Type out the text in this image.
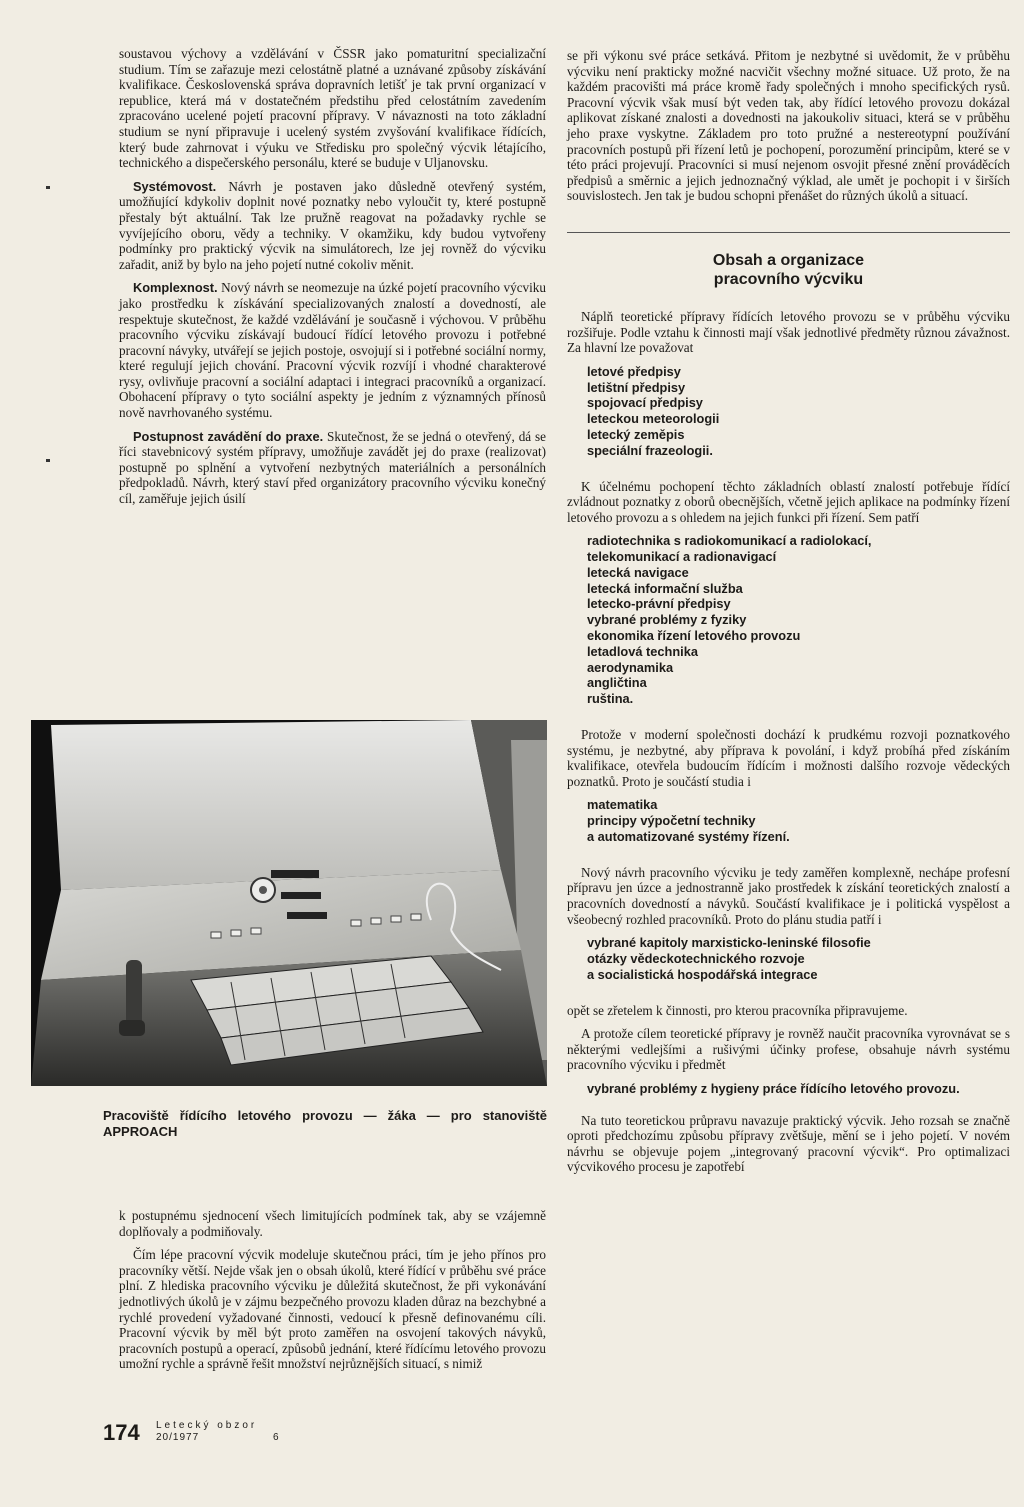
soustavou výchovy a vzdělávání v ČSSR jako pomaturitní specializační studium. Tím se zařazuje mezi celostátně platné a uznávané způsoby získávání kvalifikace. Československá správa dopravních letišť je tak první organizací v republice, která má v dostatečném předstihu před celostátním zavedením zpracováno ucelené pojetí pracovní přípravy. V návaznosti na toto základní studium se nyní připravuje i ucelený systém zvyšování kvalifikace řídících, který bude zahrnovat i výuku ve Středisku pro společný výcvik létajícího, technického a dispečerského personálu, které se buduje v Uljanovsku.

Systémovost. Návrh je postaven jako důsledně otevřený systém, umožňující kdykoliv doplnit nové poznatky nebo vyloučit ty, které postupně přestaly být aktuální. Tak lze pružně reagovat na požadavky rychle se vyvíjejícího oboru, vědy a techniky. V okamžiku, kdy budou vytvořeny podmínky pro praktický výcvik na simulátorech, lze jej rovněž do výcviku zařadit, aniž by bylo na jeho pojetí nutné cokoliv měnit.

Komplexnost. Nový návrh se neomezuje na úzké pojetí pracovního výcviku jako prostředku k získávání specializovaných znalostí a dovedností, ale respektuje skutečnost, že každé vzdělávání je současně i výchovou. V průběhu pracovního výcviku získávají budoucí řídící letového provozu i potřebné pracovní návyky, utvářejí se jejich postoje, osvojují si i potřebné sociální normy, které regulují jejich chování. Pracovní výcvik rozvíjí i vhodné charakterové rysy, ovlivňuje pracovní a sociální adaptaci i integraci pracovníků a organizací. Obohacení přípravy o tyto sociální aspekty je jedním z významných přínosů nově navrhovaného systému.

Postupnost zavádění do praxe. Skutečnost, že se jedná o otevřený, dá se říci stavebnicový systém přípravy, umožňuje zavádět jej do praxe (realizovat) postupně po splnění a vytvoření nezbytných materiálních a personálních předpokladů. Návrh, který staví před organizátory pracovního výcviku konečný cíl, zaměřuje jejich úsilí

Pracoviště řídícího letového provozu — žáka — pro stanoviště APPROACH

k postupnému sjednocení všech limitujících podmínek tak, aby se vzájemně doplňovaly a podmiňovaly.

Čím lépe pracovní výcvik modeluje skutečnou práci, tím je jeho přínos pro pracovníky větší. Nejde však jen o obsah úkolů, které řídící v průběhu své práce plní. Z hlediska pracovního výcviku je důležitá skutečnost, že při vykonávání jednotlivých úkolů je v zájmu bezpečného provozu kladen důraz na bezchybné a rychlé provedení vyžadované činnosti, vedoucí k přesně definovanému cíli. Pracovní výcvik by měl být proto zaměřen na osvojení takových návyků, pracovních postupů a operací, způsobů jednání, které řídícímu letového provozu umožní rychle a správně řešit množství nejrůznějších situací, s nimiž

se při výkonu své práce setkává. Přitom je nezbytné si uvědomit, že v průběhu výcviku není prakticky možné nacvičit všechny možné situace. Už proto, že na každém pracovišti má práce kromě řady společných i mnoho specifických rysů. Pracovní výcvik však musí být veden tak, aby řídící letového provozu dokázal aplikovat získané znalosti a dovednosti na jakoukoliv situaci, která se v průběhu jeho praxe vyskytne. Základem pro toto pružné a nestereotypní používání pracovních postupů při řízení letů je pochopení, porozumění principům, které se v této práci projevují. Pracovníci si musí nejenom osvojit přesné znění prováděcích předpisů a směrnic a jejich jednoznačný výklad, ale umět je pochopit i v širších souvislostech. Jen tak je budou schopni přenášet do různých úkolů a situací.

Obsah a organizace
pracovního výcviku

Náplň teoretické přípravy řídících letového provozu se v průběhu výcviku rozšiřuje. Podle vztahu k činnosti mají však jednotlivé předměty různou závažnost. Za hlavní lze považovat

letové předpisy
letištní předpisy
spojovací předpisy
leteckou meteorologii
letecký zeměpis
speciální frazeologii.

K účelnému pochopení těchto základních oblastí znalostí potřebuje řídící zvládnout poznatky z oborů obecnějších, včetně jejich aplikace na podmínky řízení letového provozu a s ohledem na jejich funkci při řízení. Sem patří

radiotechnika s radiokomunikací a radiolokací,
telekomunikací a radionavigací
letecká navigace
letecká informační služba
letecko-právní předpisy
vybrané problémy z fyziky
ekonomika řízení letového provozu
letadlová technika
aerodynamika
angličtina
ruština.

Protože v moderní společnosti dochází k prudkému rozvoji poznatkového systému, je nezbytné, aby příprava k povolání, i když probíhá před získáním kvalifikace, otevřela budoucím řídícím i možnosti dalšího rozvoje vědeckých poznatků. Proto je součástí studia i

matematika
principy výpočetní techniky
a automatizované systémy řízení.

Nový návrh pracovního výcviku je tedy zaměřen komplexně, nechápe profesní přípravu jen úzce a jednostranně jako prostředek k získání teoretických znalostí a pracovních dovedností a návyků. Součástí kvalifikace je i politická vyspělost a všeobecný rozhled pracovníků. Proto do plánu studia patří i

vybrané kapitoly marxisticko-leninské filosofie
otázky vědeckotechnického rozvoje
a socialistická hospodářská integrace

opět se zřetelem k činnosti, pro kterou pracovníka připravujeme.

A protože cílem teoretické přípravy je rovněž naučit pracovníka vyrovnávat se s některými vedlejšími a rušivými účinky profese, obsahuje návrh systému pracovního výcviku i předmět

vybrané problémy z hygieny práce řídícího letového provozu.

Na tuto teoretickou průpravu navazuje praktický výcvik. Jeho rozsah se značně oproti předchozímu způsobu přípravy zvětšuje, mění se i jeho pojetí. V novém návrhu se objevuje pojem „integrovaný pracovní výcvik“. Pro optimalizaci výcvikového procesu je zapotřebí

174 Letecký obzor
20/1977	6
